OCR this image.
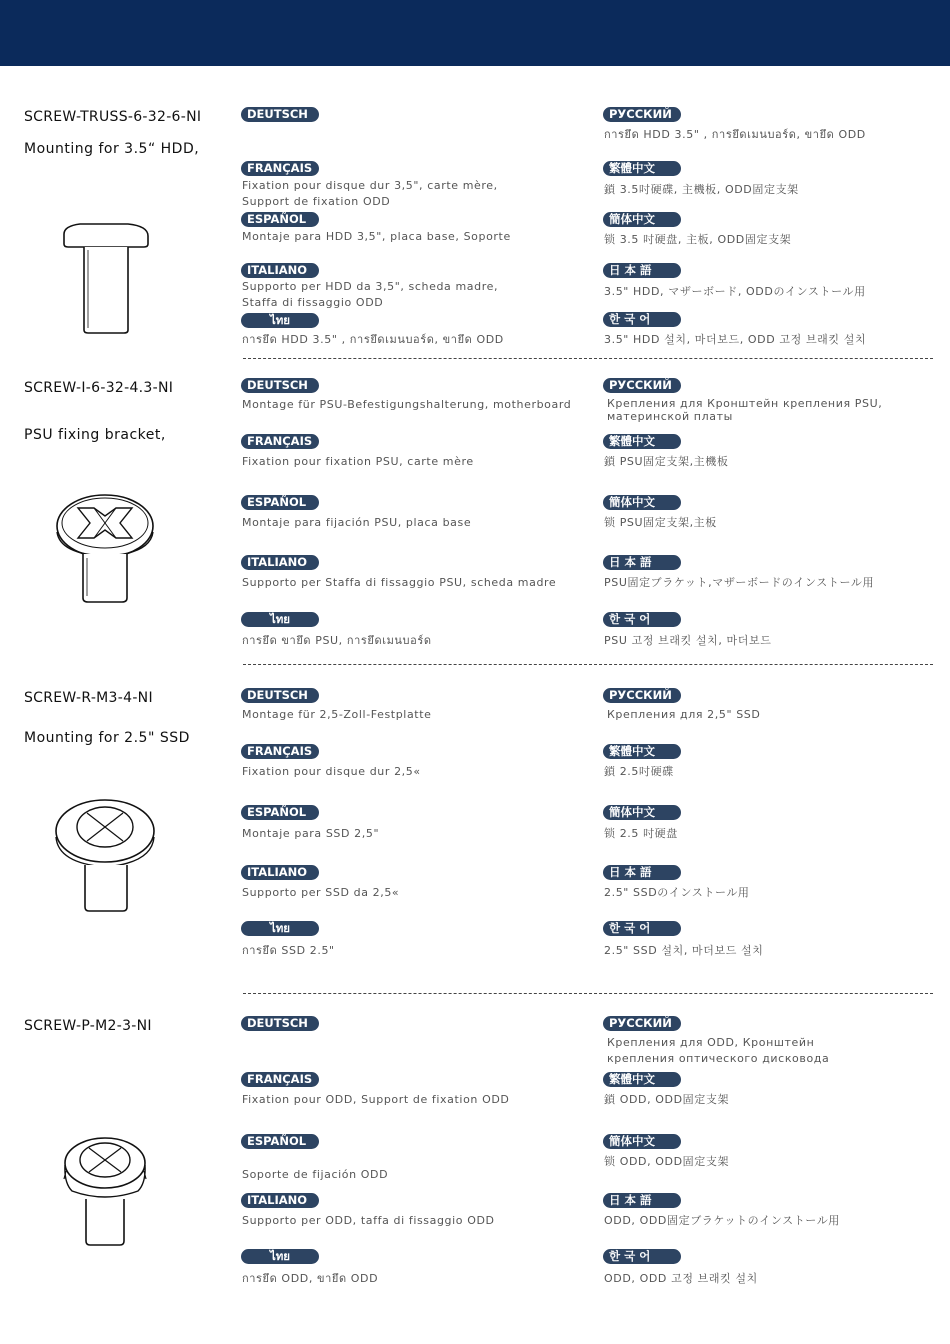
SCREW-TRUSS-6-32-6-NI
Mounting for 3.5“ HDD,
DEUTSCH
FRANÇAIS
Fixation pour disque dur 3,5", carte mère,
Support de fixation ODD
ESPAÑOL
Montaje para HDD 3,5", placa base, Soporte
ITALIANO
Supporto per HDD da 3,5", scheda madre,
Staffa di fissaggio ODD
ไทย
การยึด HDD 3.5" , การยึดเมนบอร์ด, ขายึด ODD
РУССКИЙ
การยึด HDD 3.5" , การยึดเมนบอร์ด, ขายึด ODD
繁體中文
鎖 3.5吋硬碟, 主機板, ODD固定支架
簡体中文
锁 3.5 吋硬盘, 主板, ODD固定支架
日 本 語
3.5" HDD, マザーボード, ODDのインストール用
한 국 어
3.5" HDD 설치, 마더보드, ODD 고정 브래킷 설치
SCREW-I-6-32-4.3-NI
PSU fixing bracket,
DEUTSCH
Montage für PSU-Befestigungshalterung, motherboard
FRANÇAIS
Fixation pour fixation PSU, carte mère
ESPAÑOL
Montaje para fijación PSU, placa base
ITALIANO
Supporto per Staffa di fissaggio PSU, scheda madre
ไทย
การยึด ขายึด PSU, การยึดเมนบอร์ด
РУССКИЙ
Крепления для Кронштейн крепления PSU,
материнской платы
繁體中文
鎖 PSU固定支架,主機板
簡体中文
锁 PSU固定支架,主板
日 本 語
PSU固定ブラケット,マザーボードのインストール用
한 국 어
PSU 고정 브래킷 설치, 마더보드
SCREW-R-M3-4-NI
Mounting for 2.5" SSD
DEUTSCH
Montage für 2,5-Zoll-Festplatte
FRANÇAIS
Fixation pour disque dur 2,5«
ESPAÑOL
Montaje para SSD 2,5"
ITALIANO
Supporto per SSD da 2,5«
ไทย
การยึด SSD 2.5"
РУССКИЙ
Крепления для 2,5" SSD
繁體中文
鎖 2.5吋硬碟
簡体中文
锁 2.5 吋硬盘
日 本 語
2.5" SSDのインストール用
한 국 어
2.5" SSD 설치, 마더보드 설치
SCREW-P-M2-3-NI	DEUTSCH
FRANÇAIS
Fixation pour ODD, Support de fixation ODD
ESPAÑOL
Soporte de fijación ODD
ITALIANO
Supporto per ODD, taffa di fissaggio ODD
ไทย
การยึด ODD, ขายึด ODD
РУССКИЙ
Крепления для ODD, Кронштейн
крепления оптического дисковода
繁體中文
鎖 ODD, ODD固定支架
簡体中文
锁 ODD, ODD固定支架
日 本 語
ODD, ODD固定ブラケットのインストール用
한 국 어
ODD, ODD 고정 브래킷 설치
